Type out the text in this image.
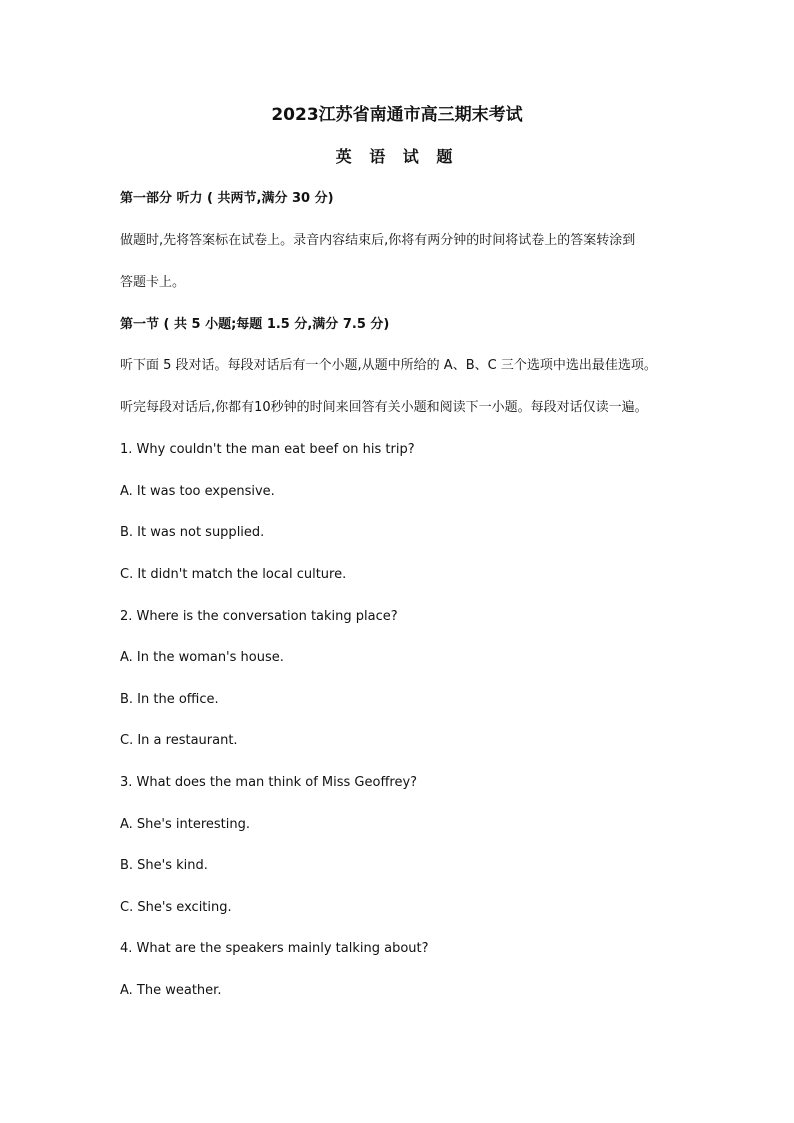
2023江苏省南通市高三期末考试
英 语 试 题

第一部分 听力 ( 共两节,满分 30 分)

做题时,先将答案标在试卷上。录音内容结束后,你将有两分钟的时间将试卷上的答案转涂到

答题卡上。

第一节 ( 共 5 小题;每题 1.5 分,满分 7.5 分)

听下面 5 段对话。每段对话后有一个小题,从题中所给的 A、B、C 三个选项中选出最佳选项。

听完每段对话后,你都有10秒钟的时间来回答有关小题和阅读下一小题。每段对话仅读一遍。

1. Why couldn't the man eat beef on his trip?

A. It was too expensive.

B. It was not supplied.

C. It didn't match the local culture.

2. Where is the conversation taking place?

A. In the woman's house.

B. In the office.

C. In a restaurant.

3. What does the man think of Miss Geoffrey?

A. She's interesting.

B. She's kind.

C. She's exciting.

4. What are the speakers mainly talking about?

A. The weather.
